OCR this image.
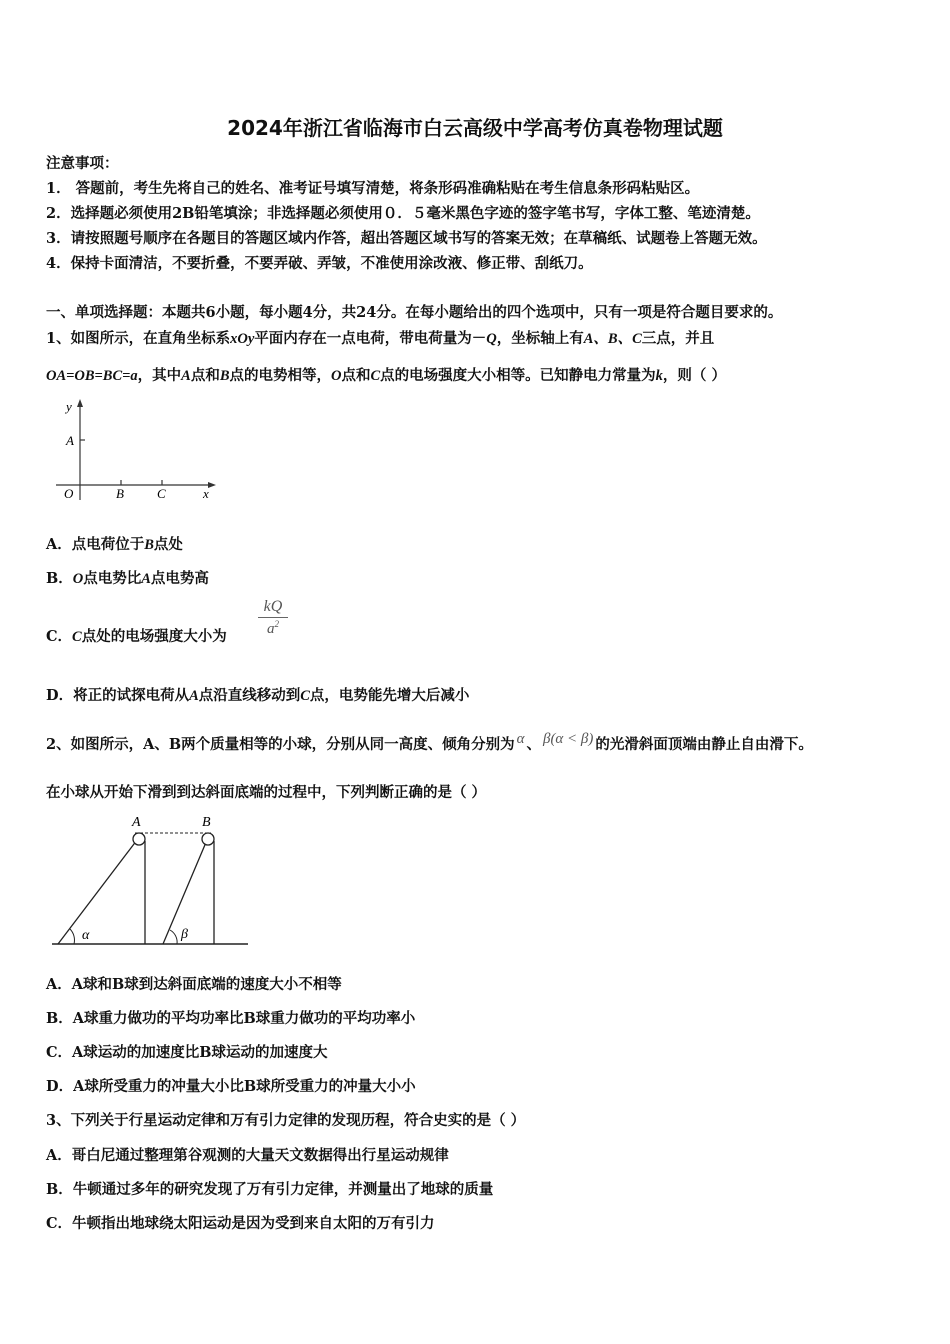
2024年浙江省临海市白云高级中学高考仿真卷物理试题
注意事项：
1． 答题前，考生先将自己的姓名、准考证号填写清楚，将条形码准确粘贴在考生信息条形码粘贴区。
2．选择题必须使用2B铅笔填涂；非选择题必须使用０．５毫米黑色字迹的签字笔书写，字体工整、笔迹清楚。
3．请按照题号顺序在各题目的答题区域内作答，超出答题区域书写的答案无效；在草稿纸、试题卷上答题无效。
4．保持卡面清洁，不要折叠，不要弄破、弄皱，不准使用涂改液、修正带、刮纸刀。
一、单项选择题：本题共6小题，每小题4分，共24分。在每小题给出的四个选项中，只有一项是符合题目要求的。
1、如图所示，在直角坐标系xOy平面内存在一点电荷，带电荷量为－Q，坐标轴上有A、B、C三点，并且
OA=OB=BC=a，其中A点和B点的电势相等，O点和C点的电场强度大小相等。已知静电力常量为k，则（ ）
y
A
O	B	C	x
A．点电荷位于B点处
B．O点电势比A点电势高
C．C点处的电场强度大小为
kQ
$a^2$
D．将正的试探电荷从A点沿直线移动到C点，电势能先增大后减小
2、如图所示，A、B两个质量相等的小球，分别从同一高度、倾角分别为 $^\alpha$ 、 $^{\beta(\alpha < \beta)}$ 的光滑斜面顶端由静止自由滑下。
在小球从开始下滑到到达斜面底端的过程中，下列判断正确的是（ ）
A	B
α	β
A．A球和B球到达斜面底端的速度大小不相等
B．A球重力做功的平均功率比B球重力做功的平均功率小
C．A球运动的加速度比B球运动的加速度大
D．A球所受重力的冲量大小比B球所受重力的冲量大小小
3、下列关于行星运动定律和万有引力定律的发现历程，符合史实的是（ ）
A．哥白尼通过整理第谷观测的大量天文数据得出行星运动规律
B．牛顿通过多年的研究发现了万有引力定律，并测量出了地球的质量
C．牛顿指出地球绕太阳运动是因为受到来自太阳的万有引力
